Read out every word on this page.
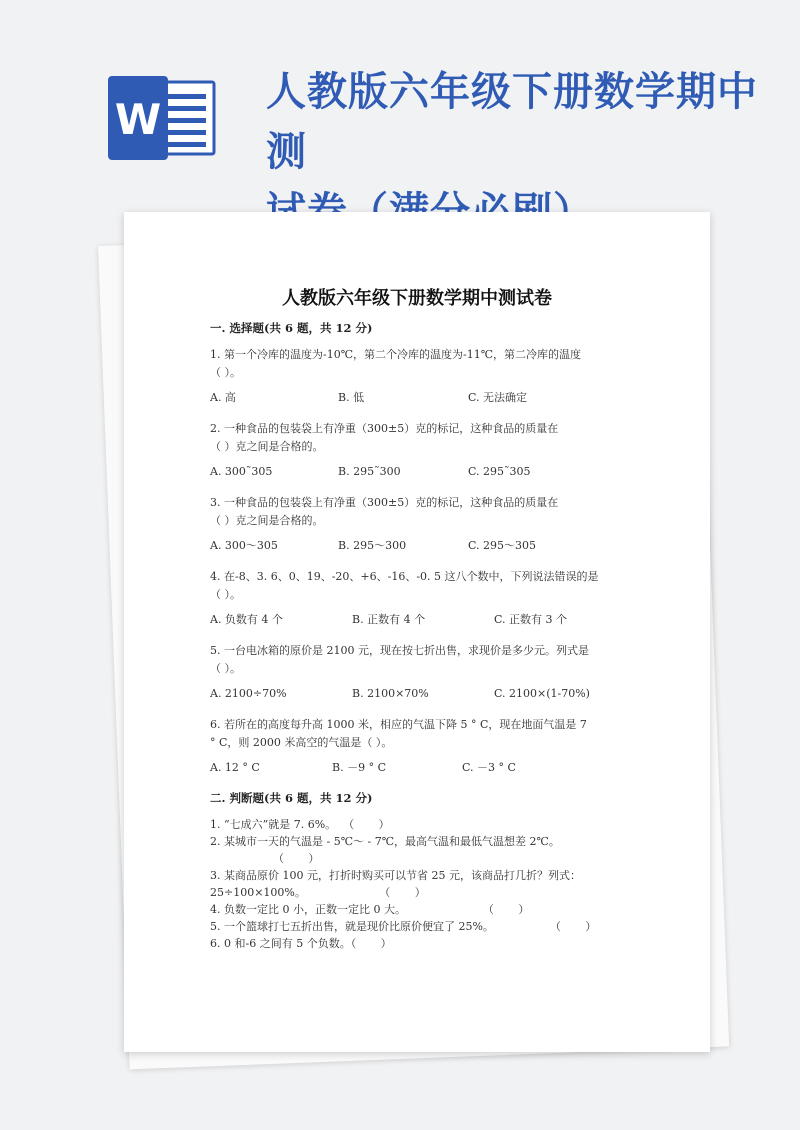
W
人教版六年级下册数学期中测
人教版六年级下册数学期中测试卷
一. 选择题(共 6 题，共 12 分)
1. 第一个冷库的温度为-10℃，第二个冷库的温度为-11℃，第二冷库的温度
（ ）。
A. 高	B. 低	C. 无法确定
2. 一种食品的包装袋上有净重（300±5）克的标记，这种食品的质量在
（ ）克之间是合格的。
A. 300˜305	B. 295˜300	C. 295˜305
3. 一种食品的包装袋上有净重（300±5）克的标记，这种食品的质量在
（ ）克之间是合格的。
A. 300～305	B. 295～300	C. 295～305
4. 在-8、3. 6、0、19、-20、+6、-16、-0. 5 这八个数中，下列说法错误的是
（ ）。
A. 负数有 4 个	B. 正数有 4 个	C. 正数有 3 个
5. 一台电冰箱的原价是 2100 元，现在按七折出售，求现价是多少元。列式是
（ ）。
A. 2100÷70%	B. 2100×70%	C. 2100×(1-70%)
6. 若所在的高度每升高 1000 米，相应的气温下降 5 ° C，现在地面气温是 7
° C，则 2000 米高空的气温是（ ）。
A. 12 ° C	B. －9 ° C	C. －3 ° C
二. 判断题(共 6 题，共 12 分)
1. “七成六”就是 7. 6%。  （       ）
2. 某城市一天的气温是 - 5℃～ - 7℃，最高气温和最低气温想差 2℃。
（       ）
3. 某商品原价 100 元，打折时购买可以节省 25 元，该商品打几折？列式：
25÷100×100%。                     （       ）
4. 负数一定比 0 小，正数一定比 0 大。                      （       ）
5. 一个篮球打七五折出售，就是现价比原价便宜了 25%。                （       ）
6. 0 和-6 之间有 5 个负数。（       ）
